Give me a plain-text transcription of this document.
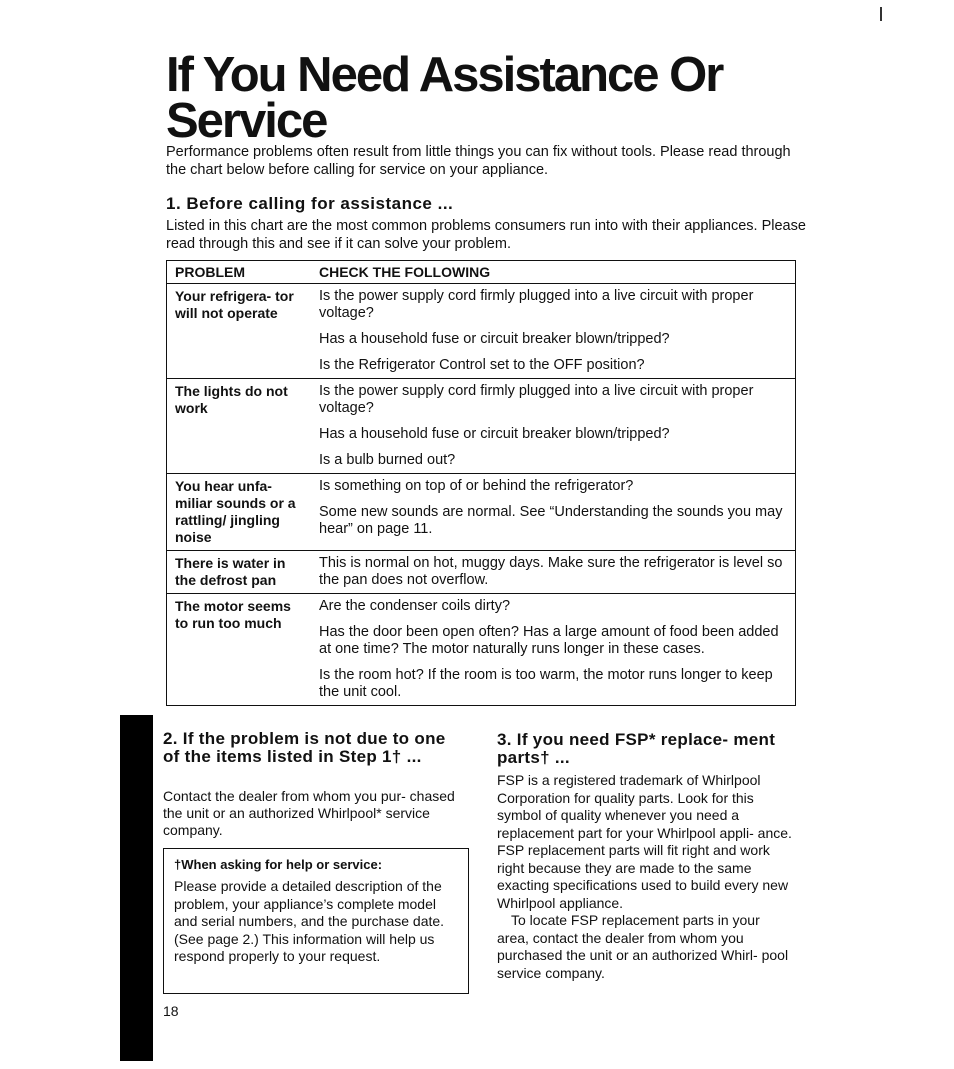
If You Need Assistance Or
Service

Performance problems often result from little things you can fix without tools. Please read through the chart below before calling for service on your appliance.

1. Before calling for assistance ...

Listed in this chart are the most common problems consumers run into with their appliances. Please read through this and see if it can solve your problem.

PROBLEM	CHECK THE FOLLOWING
Your refrigera- tor will not operate	Is the power supply cord firmly plugged into a live circuit with proper voltage?

Has a household fuse or circuit breaker blown/tripped?

Is the Refrigerator Control set to the OFF position?

The lights do not work	Is the power supply cord firmly plugged into a live circuit with proper voltage?

Has a household fuse or circuit breaker blown/tripped?

Is a bulb burned out?

You hear unfa- miliar sounds or a rattling/ jingling noise	Is something on top of or behind the refrigerator?

Some new sounds are normal. See “Understanding the sounds you may hear” on page 11.

There is water in the defrost pan	This is normal on hot, muggy days. Make sure the refrigerator is level so the pan does not overflow.

The motor seems to run too much	Are the condenser coils dirty?

Has the door been open often? Has a large amount of food been added at one time? The motor naturally runs longer in these cases.

Is the room hot? If the room is too warm, the motor runs longer to keep the unit cool.

2. If the problem is not due to one of the items listed in Step 1† ...

Contact the dealer from whom you pur- chased the unit or an authorized Whirlpool* service company.

†When asking for help or service:

Please provide a detailed description of the problem, your appliance’s complete model and serial numbers, and the purchase date. (See page 2.) This information will help us respond properly to your request.

3. If you need FSP* replace- ment parts† ...

FSP is a registered trademark of Whirlpool Corporation for quality parts. Look for this symbol of quality whenever you need a replacement part for your Whirlpool appli- ance. FSP replacement parts will fit right and work right because they are made to the same exacting specifications used to build every new Whirlpool appliance.

To locate FSP replacement parts in your area, contact the dealer from whom you purchased the unit or an authorized Whirl- pool service company.

18
